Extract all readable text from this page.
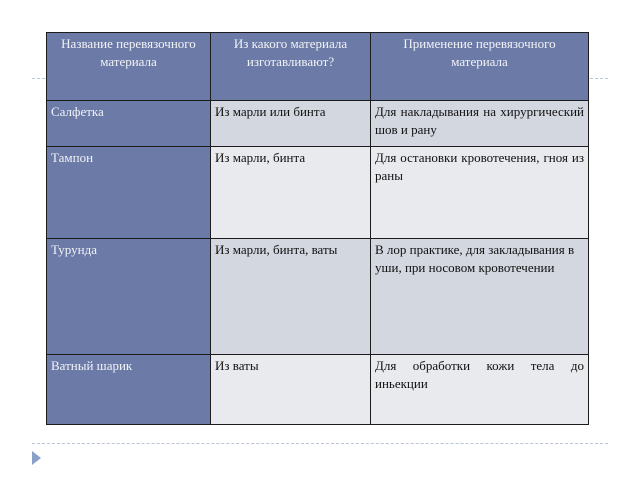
Название перевязочного материала	Из какого материала изготавливают?	Применение перевязочного материала
Салфетка	Из марли или бинта	Для накладывания на хирургический шов и рану
Тампон	Из марли, бинта	Для остановки кровотечения, гноя из раны
Турунда	Из марли, бинта, ваты	В лор практике, для закладывания в уши, при носовом кровотечении
Ватный шарик	Из ваты	Для обработки кожи тела до иньекции
